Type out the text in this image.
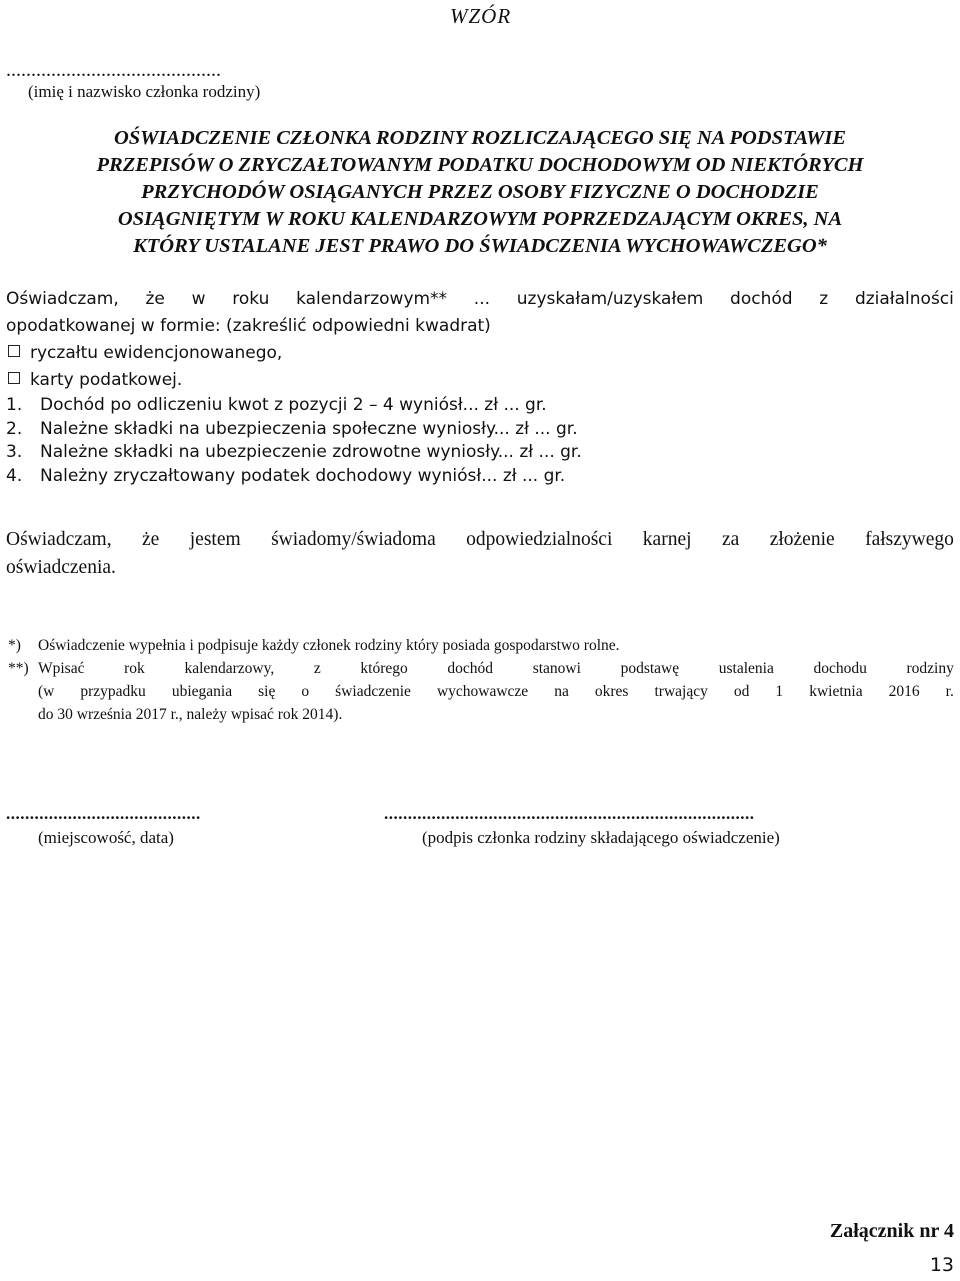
WZÓR
...........................................
(imię i nazwisko członka rodziny)
OŚWIADCZENIE CZŁONKA RODZINY ROZLICZAJĄCEGO SIĘ NA PODSTAWIE
PRZEPISÓW O ZRYCZAŁTOWANYM PODATKU DOCHODOWYM OD NIEKTÓRYCH
PRZYCHODÓW OSIĄGANYCH PRZEZ OSOBY FIZYCZNE O DOCHODZIE
OSIĄGNIĘTYM W ROKU KALENDARZOWYM POPRZEDZAJĄCYM OKRES, NA
KTÓRY USTALANE JEST PRAWO DO ŚWIADCZENIA WYCHOWAWCZEGO*
Oświadczam, że w roku kalendarzowym** ... uzyskałam/uzyskałem dochód z działalności
opodatkowanej w formie: (zakreślić odpowiedni kwadrat)
ryczałtu ewidencjonowanego,
karty podatkowej.
1. Dochód po odliczeniu kwot z pozycji 2 – 4 wyniósł... zł ... gr.
2. Należne składki na ubezpieczenia społeczne wyniosły... zł ... gr.
3. Należne składki na ubezpieczenie zdrowotne wyniosły... zł ... gr.
4. Należny zryczałtowany podatek dochodowy wyniósł... zł ... gr.
Oświadczam, że jestem świadomy/świadoma odpowiedzialności karnej za złożenie fałszywego
oświadczenia.
*)	Oświadczenie wypełnia i podpisuje każdy członek rodziny który posiada gospodarstwo rolne.
**) Wpisać	rok	kalendarzowy,	z	którego	dochód	stanowi	podstawę	ustalenia	dochodu	rodziny
(w przypadku ubiegania się o świadczenie wychowawcze na okres trwający od 1 kwietnia 2016 r.
do 30 września 2017 r., należy wpisać rok 2014).
.........................................
(miejscowość, data)
..............................................................................
(podpis członka rodziny składającego oświadczenie)
Załącznik nr 4
13
